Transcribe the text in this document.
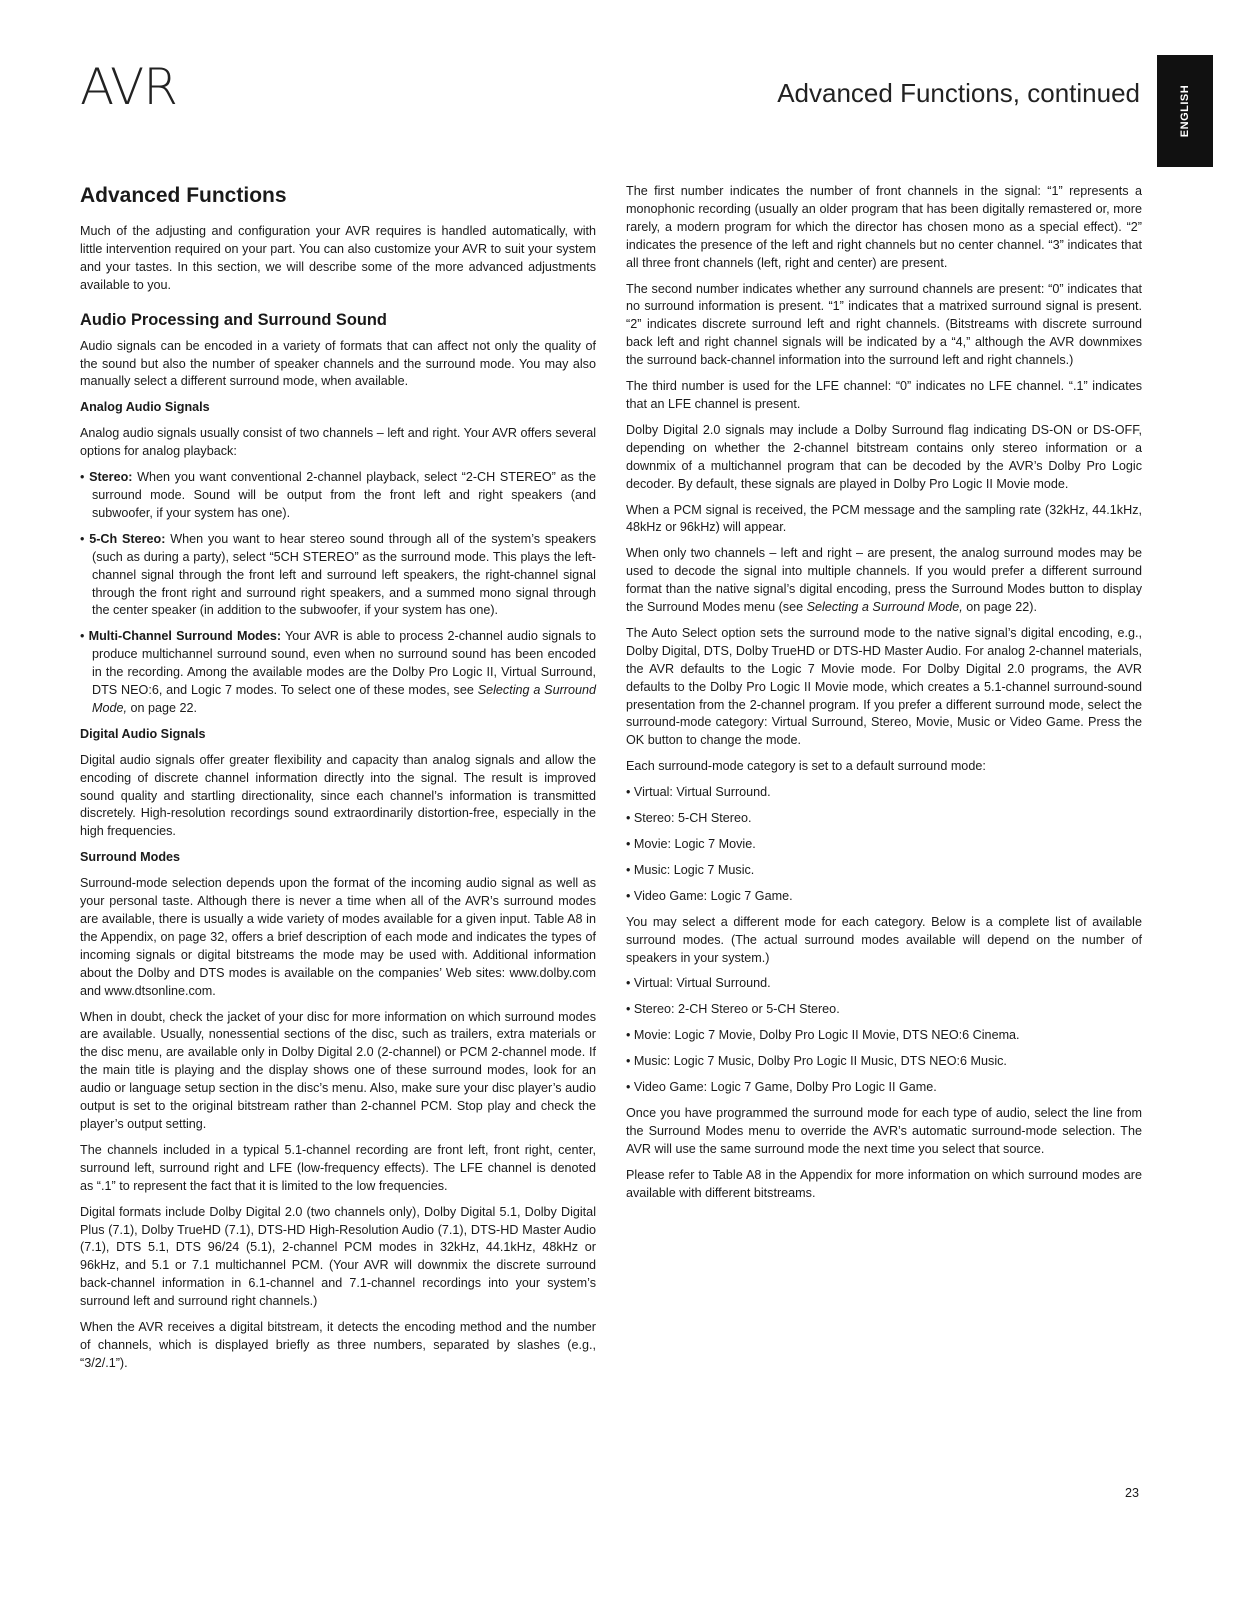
AVR	Advanced Functions, continued	ENGLISH
Advanced Functions

Much of the adjusting and configuration your AVR requires is handled automatically, with little intervention required on your part. You can also customize your AVR to suit your system and your tastes. In this section, we will describe some of the more advanced adjustments available to you.

Audio Processing and Surround Sound

Audio signals can be encoded in a variety of formats that can affect not only the quality of the sound but also the number of speaker channels and the surround mode. You may also manually select a different surround mode, when available.

Analog Audio Signals

Analog audio signals usually consist of two channels – left and right. Your AVR offers several options for analog playback:

• Stereo: When you want conventional 2-channel playback, select “2-CH STEREO” as the surround mode. Sound will be output from the front left and right speakers (and subwoofer, if your system has one).

• 5-Ch Stereo: When you want to hear stereo sound through all of the system’s speakers (such as during a party), select “5CH STEREO” as the surround mode. This plays the left-channel signal through the front left and surround left speakers, the right-channel signal through the front right and surround right speakers, and a summed mono signal through the center speaker (in addition to the subwoofer, if your system has one).

• Multi-Channel Surround Modes: Your AVR is able to process 2-channel audio signals to produce multichannel surround sound, even when no surround sound has been encoded in the recording. Among the available modes are the Dolby Pro Logic II, Virtual Surround, DTS NEO:6, and Logic 7 modes. To select one of these modes, see Selecting a Surround Mode, on page 22.

Digital Audio Signals

Digital audio signals offer greater flexibility and capacity than analog signals and allow the encoding of discrete channel information directly into the signal. The result is improved sound quality and startling directionality, since each channel’s information is transmitted discretely. High-resolution recordings sound extraordinarily distortion-free, especially in the high frequencies.

Surround Modes

Surround-mode selection depends upon the format of the incoming audio signal as well as your personal taste. Although there is never a time when all of the AVR’s surround modes are available, there is usually a wide variety of modes available for a given input. Table A8 in the Appendix, on page 32, offers a brief description of each mode and indicates the types of incoming signals or digital bitstreams the mode may be used with. Additional information about the Dolby and DTS modes is available on the companies’ Web sites: www.dolby.com and www.dtsonline.com.

When in doubt, check the jacket of your disc for more information on which surround modes are available. Usually, nonessential sections of the disc, such as trailers, extra materials or the disc menu, are available only in Dolby Digital 2.0 (2-channel) or PCM 2-channel mode. If the main title is playing and the display shows one of these surround modes, look for an audio or language setup section in the disc’s menu. Also, make sure your disc player’s audio output is set to the original bitstream rather than 2-channel PCM. Stop play and check the player’s output setting.

The channels included in a typical 5.1-channel recording are front left, front right, center, surround left, surround right and LFE (low-frequency effects). The LFE channel is denoted as “.1” to represent the fact that it is limited to the low frequencies.

Digital formats include Dolby Digital 2.0 (two channels only), Dolby Digital 5.1, Dolby Digital Plus (7.1), Dolby TrueHD (7.1), DTS-HD High-Resolution Audio (7.1), DTS-HD Master Audio (7.1), DTS 5.1, DTS 96/24 (5.1), 2-channel PCM modes in 32kHz, 44.1kHz, 48kHz or 96kHz, and 5.1 or 7.1 multichannel PCM. (Your AVR will downmix the discrete surround back-channel information in 6.1-channel and 7.1-channel recordings into your system’s surround left and surround right channels.)

When the AVR receives a digital bitstream, it detects the encoding method and the number of channels, which is displayed briefly as three numbers, separated by slashes (e.g., “3/2/.1”).

The first number indicates the number of front channels in the signal: “1” represents a monophonic recording (usually an older program that has been digitally remastered or, more rarely, a modern program for which the director has chosen mono as a special effect). “2” indicates the presence of the left and right channels but no center channel. “3” indicates that all three front channels (left, right and center) are present.

The second number indicates whether any surround channels are present: “0” indicates that no surround information is present. “1” indicates that a matrixed surround signal is present. “2” indicates discrete surround left and right channels. (Bitstreams with discrete surround back left and right channel signals will be indicated by a “4,” although the AVR downmixes the surround back-channel information into the surround left and right channels.)

The third number is used for the LFE channel: “0” indicates no LFE channel. “.1” indicates that an LFE channel is present.

Dolby Digital 2.0 signals may include a Dolby Surround flag indicating DS-ON or DS-OFF, depending on whether the 2-channel bitstream contains only stereo information or a downmix of a multichannel program that can be decoded by the AVR’s Dolby Pro Logic decoder. By default, these signals are played in Dolby Pro Logic II Movie mode.

When a PCM signal is received, the PCM message and the sampling rate (32kHz, 44.1kHz, 48kHz or 96kHz) will appear.

When only two channels – left and right – are present, the analog surround modes may be used to decode the signal into multiple channels. If you would prefer a different surround format than the native signal’s digital encoding, press the Surround Modes button to display the Surround Modes menu (see Selecting a Surround Mode, on page 22).

The Auto Select option sets the surround mode to the native signal’s digital encoding, e.g., Dolby Digital, DTS, Dolby TrueHD or DTS-HD Master Audio. For analog 2-channel materials, the AVR defaults to the Logic 7 Movie mode. For Dolby Digital 2.0 programs, the AVR defaults to the Dolby Pro Logic II Movie mode, which creates a 5.1-channel surround-sound presentation from the 2-channel program. If you prefer a different surround mode, select the surround-mode category: Virtual Surround, Stereo, Movie, Music or Video Game. Press the OK button to change the mode.

Each surround-mode category is set to a default surround mode:

• Virtual: Virtual Surround.
• Stereo: 5-CH Stereo.
• Movie: Logic 7 Movie.
• Music: Logic 7 Music.
• Video Game: Logic 7 Game.

You may select a different mode for each category. Below is a complete list of available surround modes. (The actual surround modes available will depend on the number of speakers in your system.)

• Virtual: Virtual Surround.
• Stereo: 2-CH Stereo or 5-CH Stereo.
• Movie: Logic 7 Movie, Dolby Pro Logic II Movie, DTS NEO:6 Cinema.
• Music: Logic 7 Music, Dolby Pro Logic II Music, DTS NEO:6 Music.
• Video Game: Logic 7 Game, Dolby Pro Logic II Game.

Once you have programmed the surround mode for each type of audio, select the line from the Surround Modes menu to override the AVR’s automatic surround-mode selection. The AVR will use the same surround mode the next time you select that source.

Please refer to Table A8 in the Appendix for more information on which surround modes are available with different bitstreams.

23
